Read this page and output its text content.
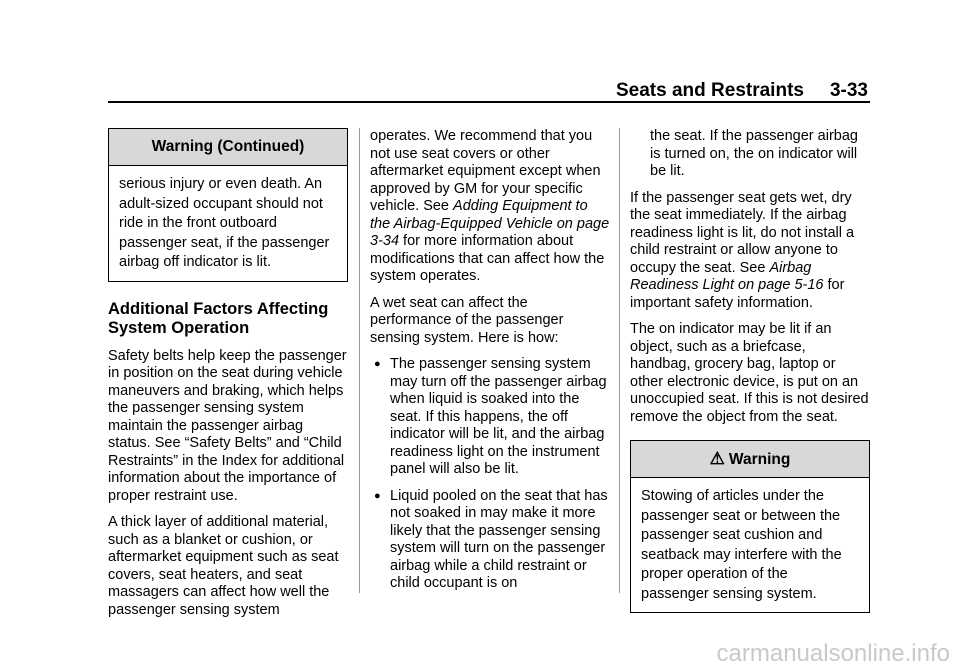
Seats and Restraints 3-33
Warning (Continued)
serious injury or even death. An adult-sized occupant should not ride in the front outboard passenger seat, if the passenger airbag off indicator is lit.
Additional Factors Affecting System Operation

Safety belts help keep the passenger in position on the seat during vehicle maneuvers and braking, which helps the passenger sensing system maintain the passenger airbag status. See “Safety Belts” and “Child Restraints” in the Index for additional information about the importance of proper restraint use.

A thick layer of additional material, such as a blanket or cushion, or aftermarket equipment such as seat covers, seat heaters, and seat massagers can affect how well the passenger sensing system

operates. We recommend that you not use seat covers or other aftermarket equipment except when approved by GM for your specific vehicle. See Adding Equipment to the Airbag-Equipped Vehicle on page 3-34 for more information about modifications that can affect how the system operates.

A wet seat can affect the performance of the passenger sensing system. Here is how:

● The passenger sensing system may turn off the passenger airbag when liquid is soaked into the seat. If this happens, the off indicator will be lit, and the airbag readiness light on the instrument panel will also be lit.
● Liquid pooled on the seat that has not soaked in may make it more likely that the passenger sensing system will turn on the passenger airbag while a child restraint or child occupant is on
the seat. If the passenger airbag is turned on, the on indicator will be lit.

If the passenger seat gets wet, dry the seat immediately. If the airbag readiness light is lit, do not install a child restraint or allow anyone to occupy the seat. See Airbag Readiness Light on page 5-16 for important safety information.

The on indicator may be lit if an object, such as a briefcase, handbag, grocery bag, laptop or other electronic device, is put on an unoccupied seat. If this is not desired remove the object from the seat.

⚠ Warning
Stowing of articles under the passenger seat or between the passenger seat cushion and seatback may interfere with the proper operation of the passenger sensing system.
carmanualsonline.info
